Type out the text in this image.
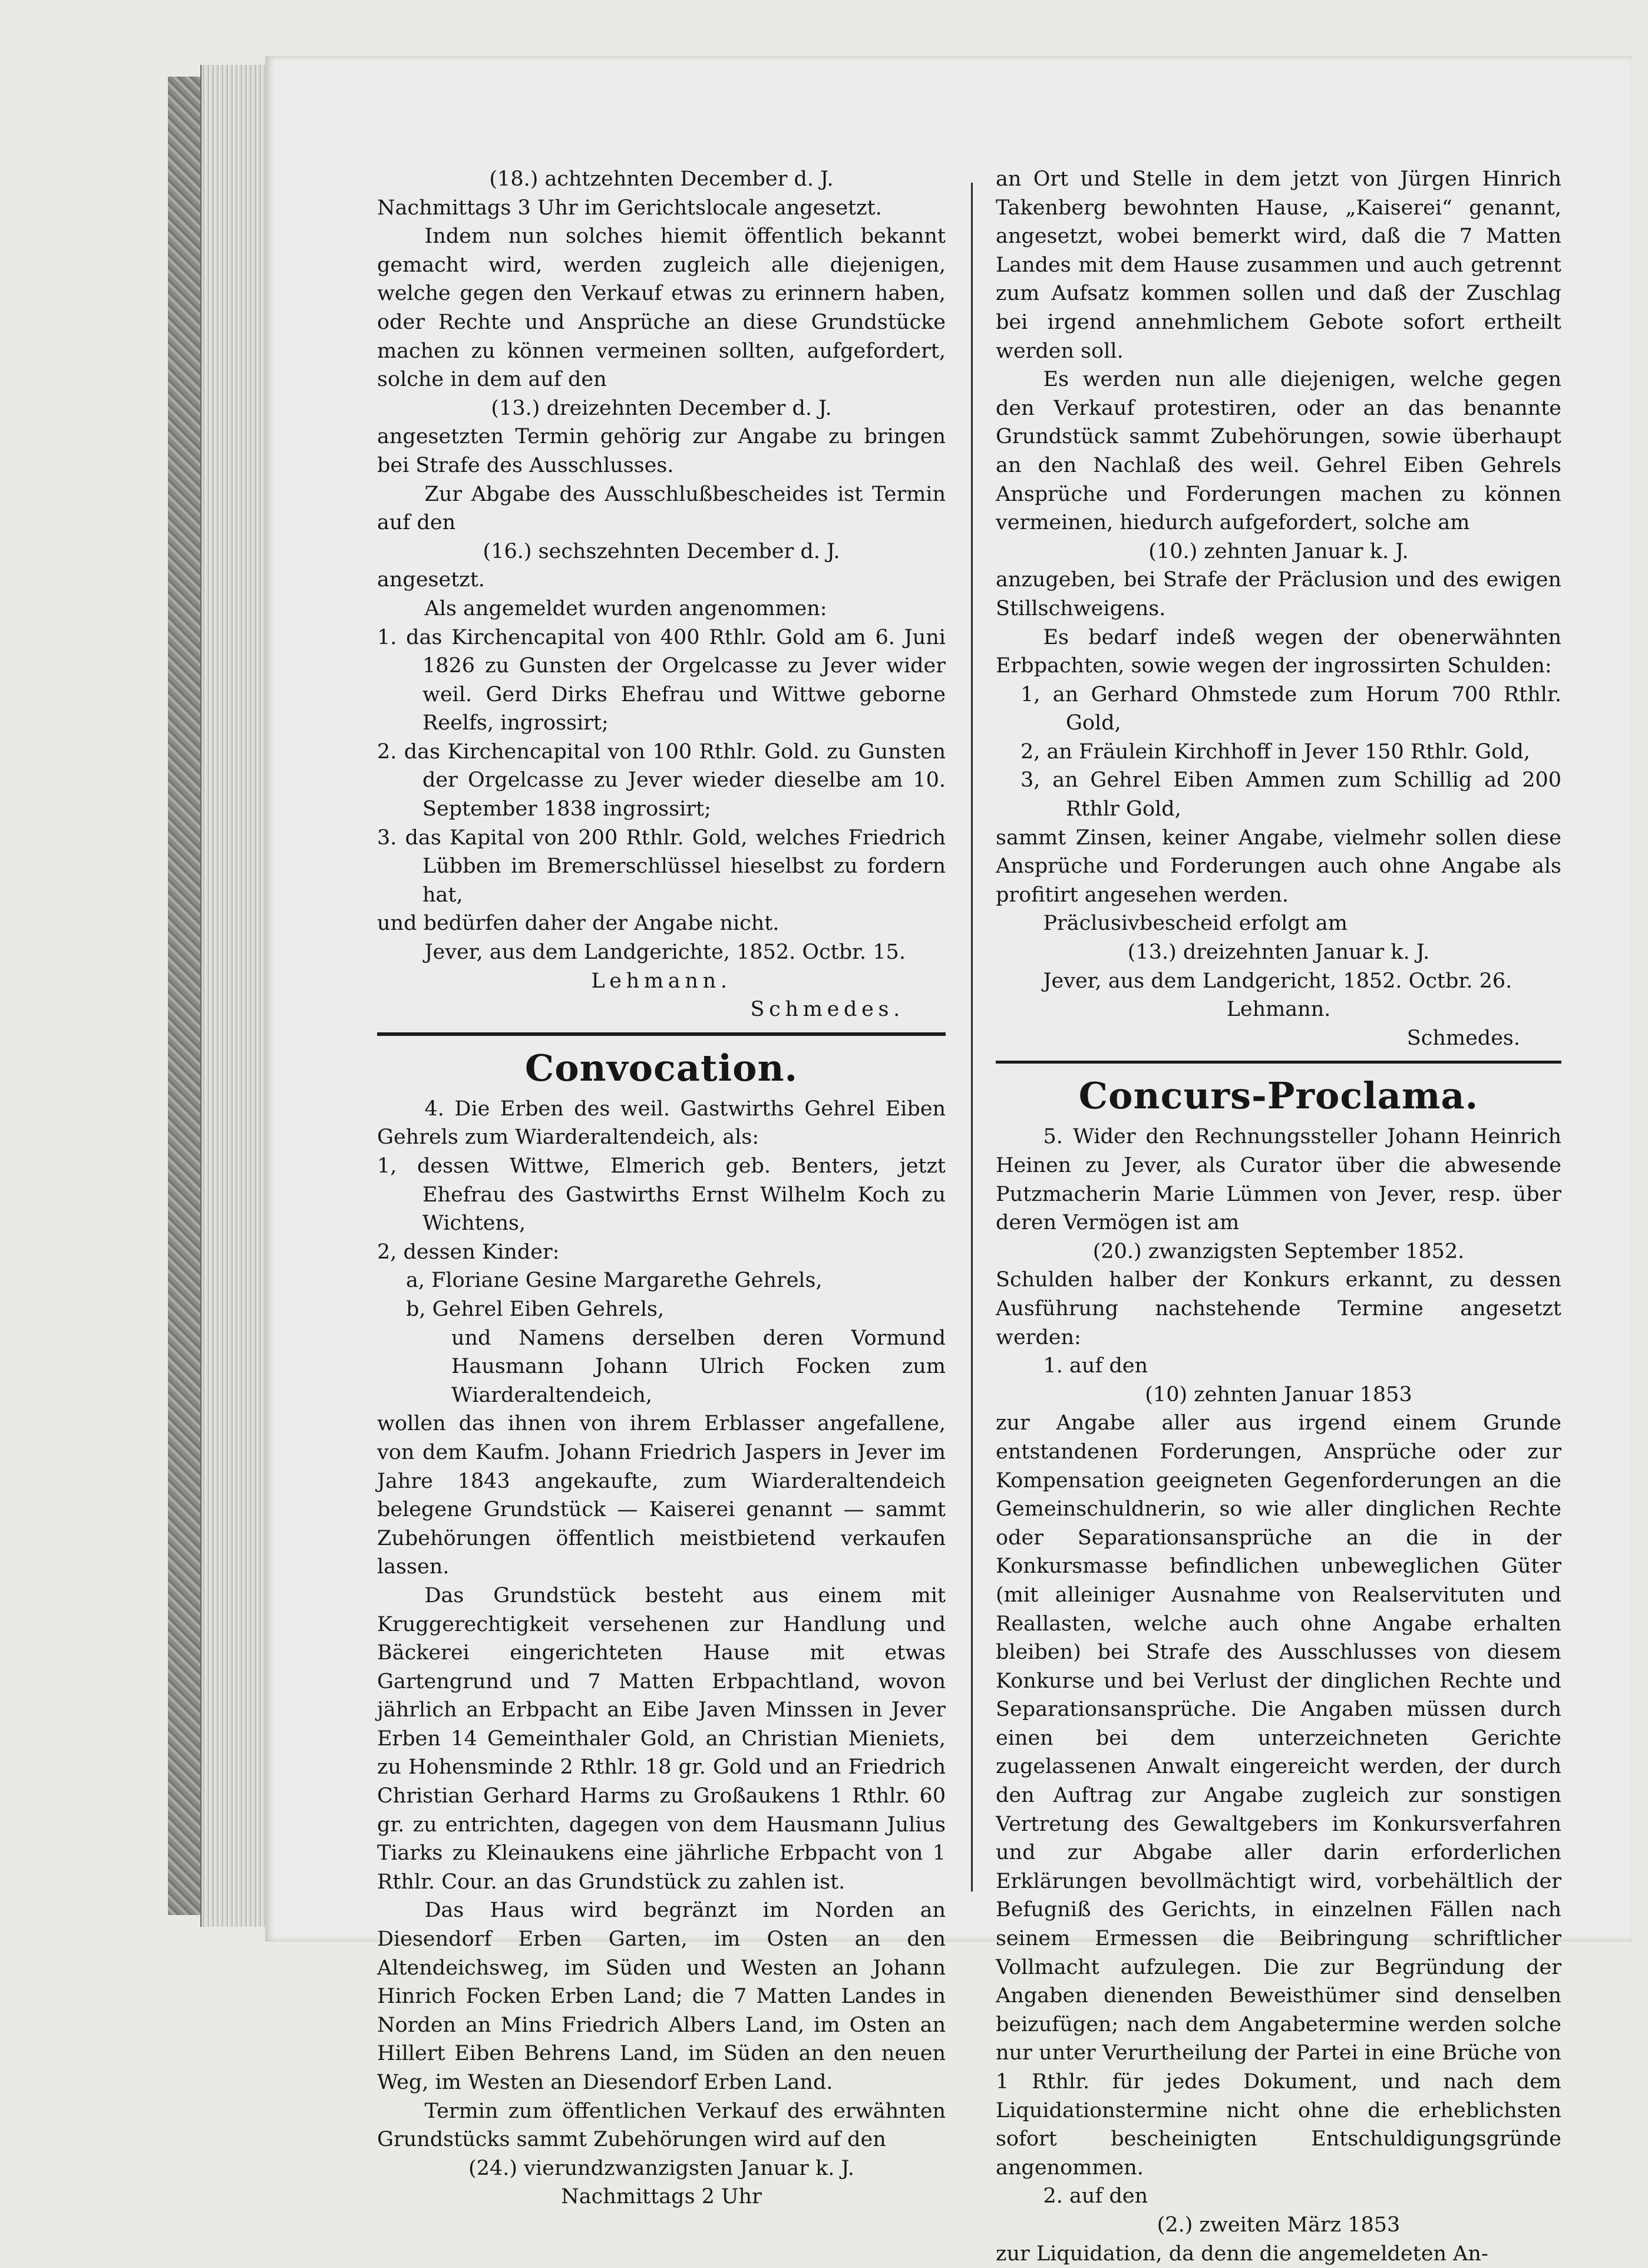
(18.) achtzehnten December d. J.

Nachmittags 3 Uhr im Gerichtslocale angesetzt.

Indem nun solches hiemit öffentlich bekannt gemacht wird, werden zugleich alle diejenigen, welche gegen den Verkauf etwas zu erinnern haben, oder Rechte und Ansprüche an diese Grundstücke machen zu können vermeinen sollten, aufgefordert, solche in dem auf den

(13.) dreizehnten December d. J.

angesetzten Termin gehörig zur Angabe zu bringen bei Strafe des Ausschlusses.

Zur Abgabe des Ausschlußbescheides ist Termin auf den

(16.) sechszehnten December d. J.

angesetzt.

Als angemeldet wurden angenommen:

1. das Kirchencapital von 400 Rthlr. Gold am 6. Juni 1826 zu Gunsten der Orgelcasse zu Jever wider weil. Gerd Dirks Ehefrau und Wittwe geborne Reelfs, ingrossirt;

2. das Kirchencapital von 100 Rthlr. Gold. zu Gunsten der Orgelcasse zu Jever wieder dieselbe am 10. September 1838 ingrossirt;

3. das Kapital von 200 Rthlr. Gold, welches Friedrich Lübben im Bremerschlüssel hieselbst zu fordern hat,

und bedürfen daher der Angabe nicht.

Jever, aus dem Landgerichte, 1852. Octbr. 15.

Lehmann.

Schmedes.

Convocation.

4. Die Erben des weil. Gastwirths Gehrel Eiben Gehrels zum Wiarderaltendeich, als:

1, dessen Wittwe, Elmerich geb. Benters, jetzt Ehefrau des Gastwirths Ernst Wilhelm Koch zu Wichtens,

2, dessen Kinder:

a, Floriane Gesine Margarethe Gehrels,

b, Gehrel Eiben Gehrels,

und Namens derselben deren Vormund Hausmann Johann Ulrich Focken zum Wiarderaltendeich,

wollen das ihnen von ihrem Erblasser angefallene, von dem Kaufm. Johann Friedrich Jaspers in Jever im Jahre 1843 angekaufte, zum Wiarderaltendeich belegene Grundstück — Kaiserei genannt — sammt Zubehörungen öffentlich meistbietend verkaufen lassen.

Das Grundstück besteht aus einem mit Kruggerechtigkeit versehenen zur Handlung und Bäckerei eingerichteten Hause mit etwas Gartengrund und 7 Matten Erbpachtland, wovon jährlich an Erbpacht an Eibe Javen Minssen in Jever Erben 14 Gemeinthaler Gold, an Christian Mieniets, zu Hohensminde 2 Rthlr. 18 gr. Gold und an Friedrich Christian Gerhard Harms zu Großaukens 1 Rthlr. 60 gr. zu entrichten, dagegen von dem Hausmann Julius Tiarks zu Kleinaukens eine jährliche Erbpacht von 1 Rthlr. Cour. an das Grundstück zu zahlen ist.

Das Haus wird begränzt im Norden an Diesendorf Erben Garten, im Osten an den Altendeichsweg, im Süden und Westen an Johann Hinrich Focken Erben Land; die 7 Matten Landes in Norden an Mins Friedrich Albers Land, im Osten an Hillert Eiben Behrens Land, im Süden an den neuen Weg, im Westen an Diesendorf Erben Land.

Termin zum öffentlichen Verkauf des erwähnten Grundstücks sammt Zubehörungen wird auf den

(24.) vierundzwanzigsten Januar k. J.

Nachmittags 2 Uhr

an Ort und Stelle in dem jetzt von Jürgen Hinrich Takenberg bewohnten Hause, „Kaiserei“ genannt, angesetzt, wobei bemerkt wird, daß die 7 Matten Landes mit dem Hause zusammen und auch getrennt zum Aufsatz kommen sollen und daß der Zuschlag bei irgend annehmlichem Gebote sofort ertheilt werden soll.

Es werden nun alle diejenigen, welche gegen den Verkauf protestiren, oder an das benannte Grundstück sammt Zubehörungen, sowie überhaupt an den Nachlaß des weil. Gehrel Eiben Gehrels Ansprüche und Forderungen machen zu können vermeinen, hiedurch aufgefordert, solche am

(10.) zehnten Januar k. J.

anzugeben, bei Strafe der Präclusion und des ewigen Stillschweigens.

Es bedarf indeß wegen der obenerwähnten Erbpachten, sowie wegen der ingrossirten Schulden:

1, an Gerhard Ohmstede zum Horum 700 Rthlr. Gold,

2, an Fräulein Kirchhoff in Jever 150 Rthlr. Gold,

3, an Gehrel Eiben Ammen zum Schillig ad 200 Rthlr Gold,

sammt Zinsen, keiner Angabe, vielmehr sollen diese Ansprüche und Forderungen auch ohne Angabe als profitirt angesehen werden.

Präclusivbescheid erfolgt am

(13.) dreizehnten Januar k. J.

Jever, aus dem Landgericht, 1852. Octbr. 26.

Lehmann.

Schmedes.

Concurs-Proclama.

5. Wider den Rechnungssteller Johann Heinrich Heinen zu Jever, als Curator über die abwesende Putzmacherin Marie Lümmen von Jever, resp. über deren Vermögen ist am

(20.) zwanzigsten September 1852.

Schulden halber der Konkurs erkannt, zu dessen Ausführung nachstehende Termine angesetzt werden:

1. auf den

(10) zehnten Januar 1853

zur Angabe aller aus irgend einem Grunde entstandenen Forderungen, Ansprüche oder zur Kompensation geeigneten Gegenforderungen an die Gemeinschuldnerin, so wie aller dinglichen Rechte oder Separationsansprüche an die in der Konkursmasse befindlichen unbeweglichen Güter (mit alleiniger Ausnahme von Realservituten und Reallasten, welche auch ohne Angabe erhalten bleiben) bei Strafe des Ausschlusses von diesem Konkurse und bei Verlust der dinglichen Rechte und Separationsansprüche. Die Angaben müssen durch einen bei dem unterzeichneten Gerichte zugelassenen Anwalt eingereicht werden, der durch den Auftrag zur Angabe zugleich zur sonstigen Vertretung des Gewaltgebers im Konkursverfahren und zur Abgabe aller darin erforderlichen Erklärungen bevollmächtigt wird, vorbehältlich der Befugniß des Gerichts, in einzelnen Fällen nach seinem Ermessen die Beibringung schriftlicher Vollmacht aufzulegen. Die zur Begründung der Angaben dienenden Beweisthümer sind denselben beizufügen; nach dem Angabetermine werden solche nur unter Verurtheilung der Partei in eine Brüche von 1 Rthlr. für jedes Dokument, und nach dem Liquidationstermine nicht ohne die erheblichsten sofort bescheinigten Entschuldigungsgründe angenommen.

2. auf den

(2.) zweiten März 1853

zur Liquidation, da denn die angemeldeten An-
